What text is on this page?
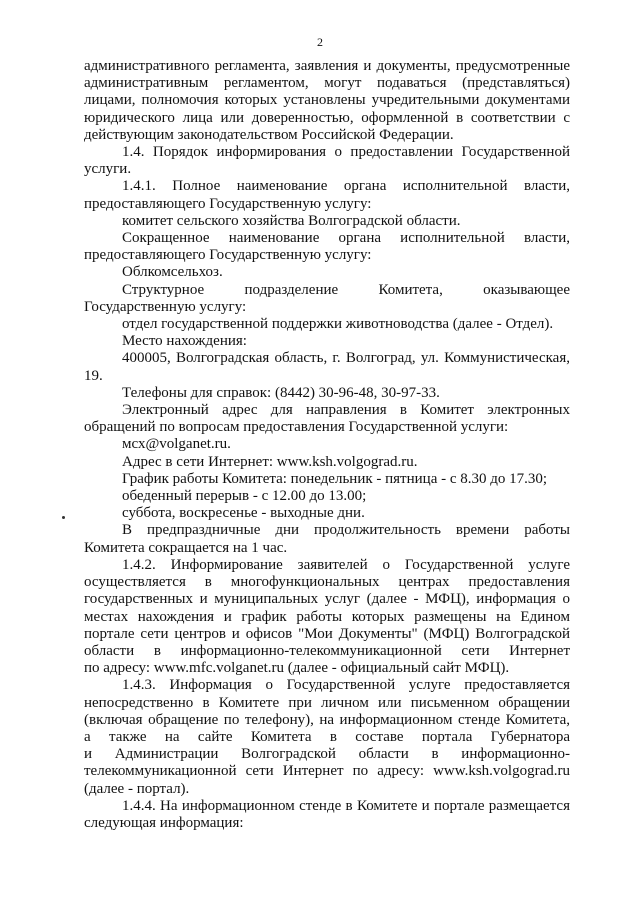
2

административного регламента, заявления и документы, предусмотренные

административным регламентом, могут подаваться (представляться)

лицами, полномочия которых установлены учредительными документами

юридического лица или доверенностью, оформленной в соответствии с

действующим законодательством Российской Федерации.

1.4. Порядок информирования о предоставлении Государственной

услуги.

1.4.1. Полное наименование органа исполнительной власти,

предоставляющего Государственную услугу:

комитет сельского хозяйства Волгоградской области.

Сокращенное наименование органа исполнительной власти,

предоставляющего Государственную услугу:

Облкомсельхоз.

Структурное подразделение Комитета, оказывающее

Государственную услугу:

отдел государственной поддержки животноводства (далее - Отдел).

Место нахождения:

400005, Волгоградская область, г. Волгоград, ул. Коммунистическая,

19.

Телефоны для справок: (8442) 30-96-48, 30-97-33.

Электронный адрес для направления в Комитет электронных

обращений по вопросам предоставления Государственной услуги:

мсх@volganet.ru.

Адрес в сети Интернет: www.ksh.volgograd.ru.

График работы Комитета: понедельник - пятница - с 8.30 до 17.30;

обеденный перерыв - с 12.00 до 13.00;

суббота, воскресенье - выходные дни.

В предпраздничные дни продолжительность времени работы

Комитета сокращается на 1 час.

1.4.2. Информирование заявителей о Государственной услуге

осуществляется в многофункциональных центрах предоставления

государственных и муниципальных услуг (далее - МФЦ), информация о

местах нахождения и график работы которых размещены на Едином

портале сети центров и офисов "Мои Документы" (МФЦ) Волгоградской

области в информационно-телекоммуникационной сети Интернет

по адресу: www.mfc.volganet.ru (далее - официальный сайт МФЦ).

1.4.3. Информация о Государственной услуге предоставляется

непосредственно в Комитете при личном или письменном обращении

(включая обращение по телефону), на информационном стенде Комитета,

а также на сайте Комитета в составе портала Губернатора

и Администрации Волгоградской области в информационно-

телекоммуникационной сети Интернет по адресу: www.ksh.volgograd.ru

(далее - портал).

1.4.4. На информационном стенде в Комитете и портале размещается

следующая информация:
